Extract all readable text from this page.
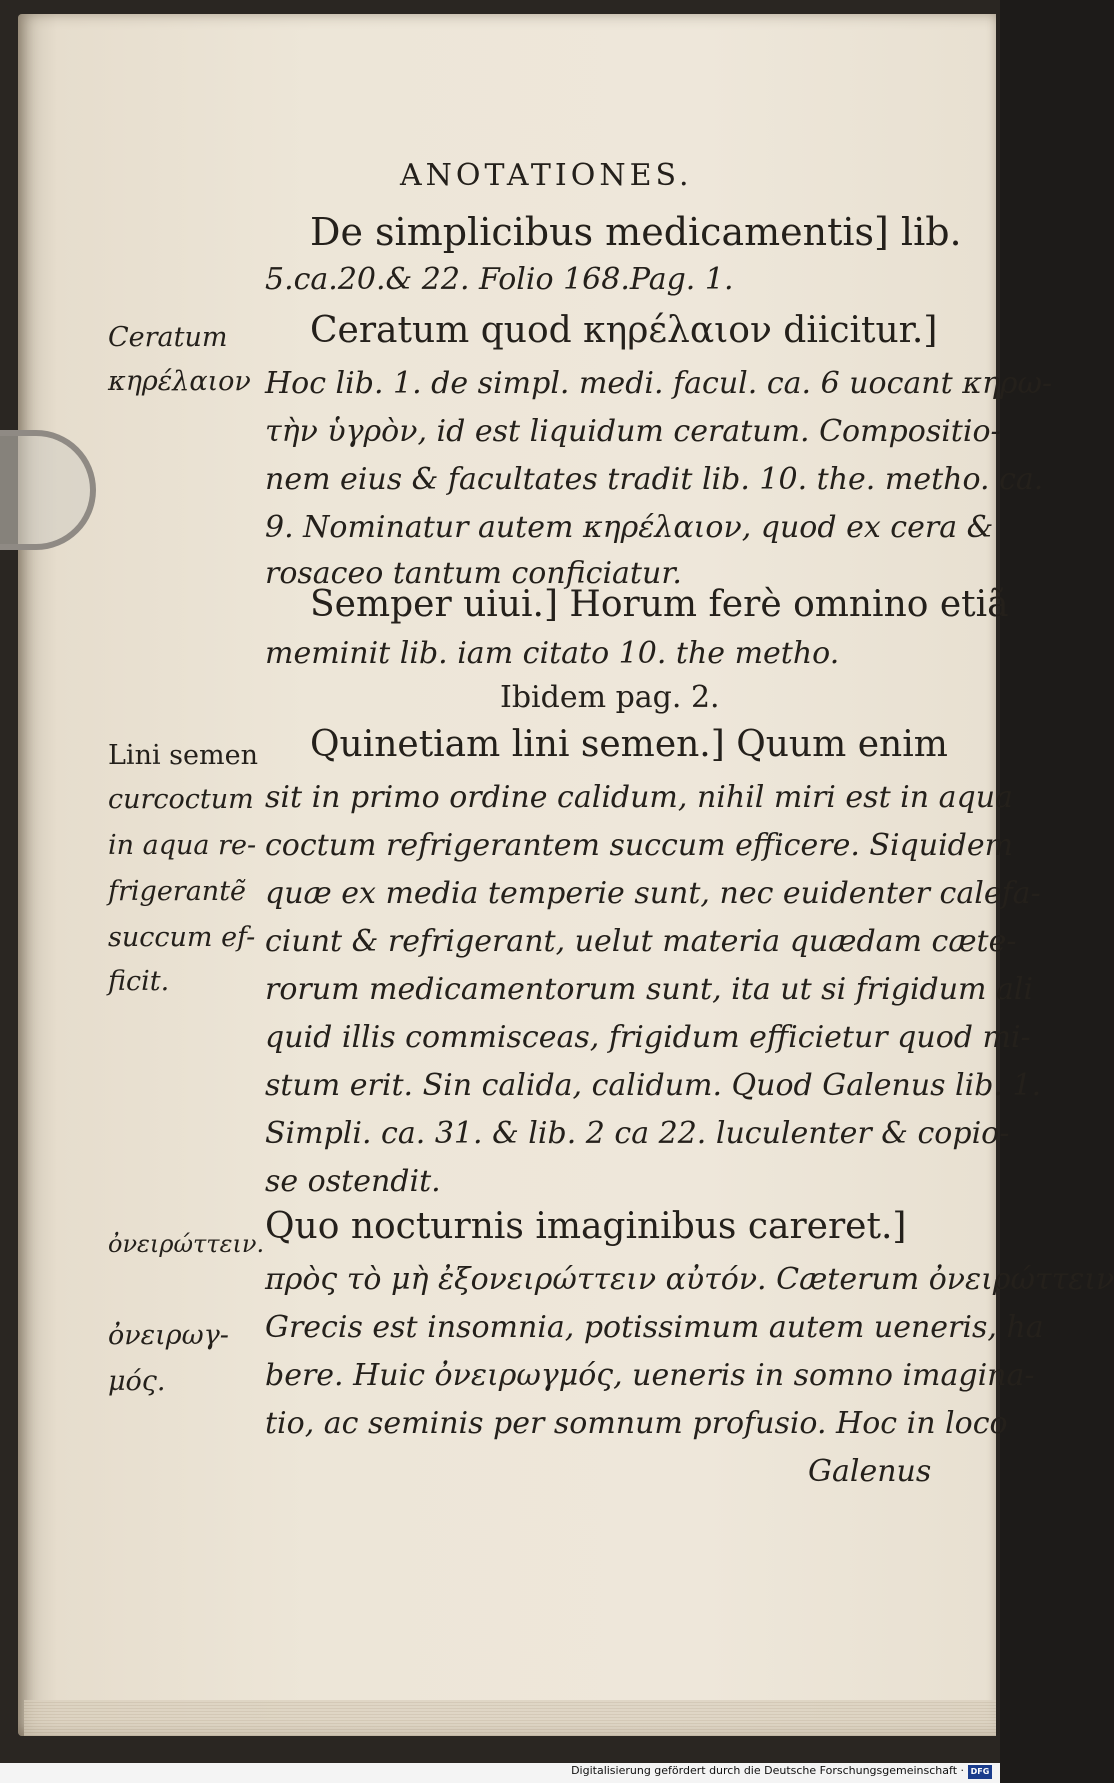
ANOTATIONES.
De simplicibus medicamentis] lib.
5.ca.20.& 22. Folio 168.Pag. 1.
Ceratum quod κηρέλαιον diicitur.]
Hoc lib. 1. de simpl. medi. facul. ca. 6 uocant κηρω-
τὴν ὑγρὸν, id est liquidum ceratum. Compositio-
nem eius & facultates tradit lib. 10. the. metho. ca.
9. Nominatur autem κηρέλαιον, quod ex cera &
rosaceo tantum conficiatur.
Semper uiui.] Horum ferè omnino etiã
meminit lib. iam citato 10. the metho.
Ibidem pag. 2.
Quinetiam lini semen.] Quum enim
sit in primo ordine calidum, nihil miri est in aqua
coctum refrigerantem succum efficere. Siquidem
quæ ex media temperie sunt, nec euidenter calefa-
ciunt & refrigerant, uelut materia quædam cæte-
rorum medicamentorum sunt, ita ut si frigidum ali
quid illis commisceas, frigidum efficietur quod mi-
stum erit. Sin calida, calidum. Quod Galenus lib. 1.
Simpli. ca. 31. & lib. 2 ca 22. luculenter & copio-
se ostendit.
Quo nocturnis imaginibus careret.]
πρὸς τὸ μὴ ἐξονειρώττειν αὐτόν. Cæterum ὀνειρώττειν
Grecis est insomnia, potissimum autem ueneris, ha
bere. Huic ὀνειρωγμός, ueneris in somno imagina-
tio, ac seminis per somnum profusio. Hoc in loco
Galenus
Ceratum
κηρέλαιον
Lini semen
curcoctum
in aqua re-
frigerantẽ
succum ef-
ficit.
ὀνειρώττειν.
ὀνειρωγ-
μός.
Digitalisierung gefördert durch die Deutsche Forschungsgemeinschaft · DFG
